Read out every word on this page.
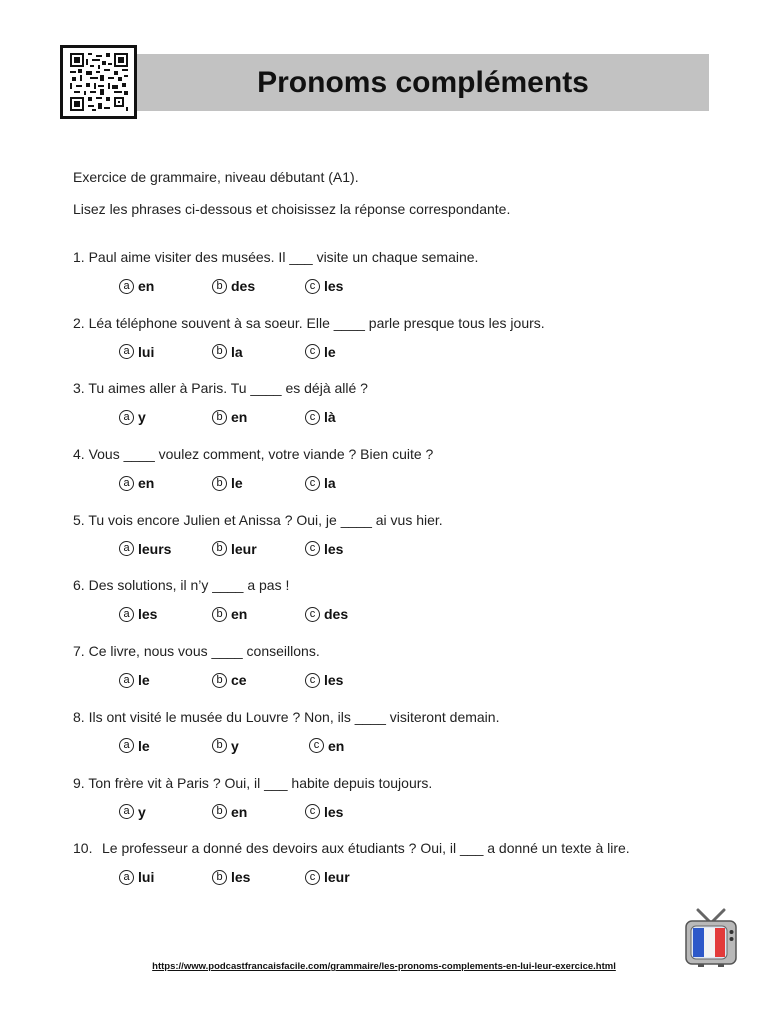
Pronoms compléments

Exercice de grammaire, niveau débutant (A1).

Lisez les phrases ci-dessous et choisissez la réponse correspondante.

1. Paul aime visiter des musées. Il ___ visite un chaque semaine.
a en	b des	c les
2. Léa téléphone souvent à sa soeur. Elle ____ parle presque tous les jours.
a lui	b la	c le
3. Tu aimes aller à Paris. Tu ____ es déjà allé ?
a y	b en	c là
4. Vous ____ voulez comment, votre viande ? Bien cuite ?
a en	b le	c la
5. Tu vois encore Julien et Anissa ? Oui, je ____ ai vus hier.
a leurs	b leur	c les
6. Des solutions, il n’y ____ a pas !
a les	b en	c des
7. Ce livre, nous vous ____ conseillons.
a le	b ce	c les
8. Ils ont visité le musée du Louvre ? Non, ils ____ visiteront demain.
a le	b y	c en
9. Ton frère vit à Paris ? Oui, il ___ habite depuis toujours.
a y	b en	c les
10. Le professeur a donné des devoirs aux étudiants ? Oui, il ___ a donné un texte à lire.
a lui	b les	c leur
https://www.podcastfrancaisfacile.com/grammaire/les-pronoms-complements-en-lui-leur-exercice.html
